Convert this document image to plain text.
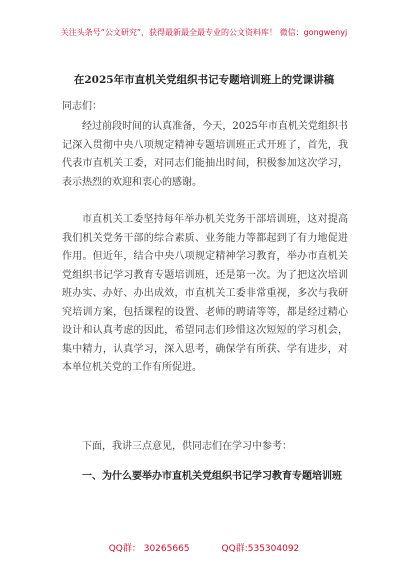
关注头条号“公文研究”，获得最新最全最专业的公文资料库！ 微信：gongwenyj
在2025年市直机关党组织书记专题培训班上的党课讲稿
同志们：
经过前段时间的认真准备，今天，2025年市直机关党组织书记深入贯彻中央八项规定精神专题培训班正式开班了，首先，我代表市直机关工委，对同志们能抽出时间，积极参加这次学习，表示热烈的欢迎和衷心的感谢。
市直机关工委坚持每年举办机关党务干部培训班，这对提高我们机关党务干部的综合素质、业务能力等都起到了有力地促进作用。但近年，结合中央八项规定精神学习教育，举办市直机关党组织书记学习教育专题培训班，还是第一次。为了把这次培训班办实、办好、办出成效，市直机关工委非常重视，多次与我研究培训方案，包括课程的设置、老师的聘请等等，都是经过精心设计和认真考虑的因此，希望同志们珍惜这次短短的学习机会，集中精力，认真学习，深入思考，确保学有所获、学有进步，对本单位机关党的工作有所促进。
下面，我讲三点意见，供同志们在学习中参考：
一、为什么要举办市直机关党组织书记学习教育专题培训班
QQ群： 30265665	QQ群:535304092
